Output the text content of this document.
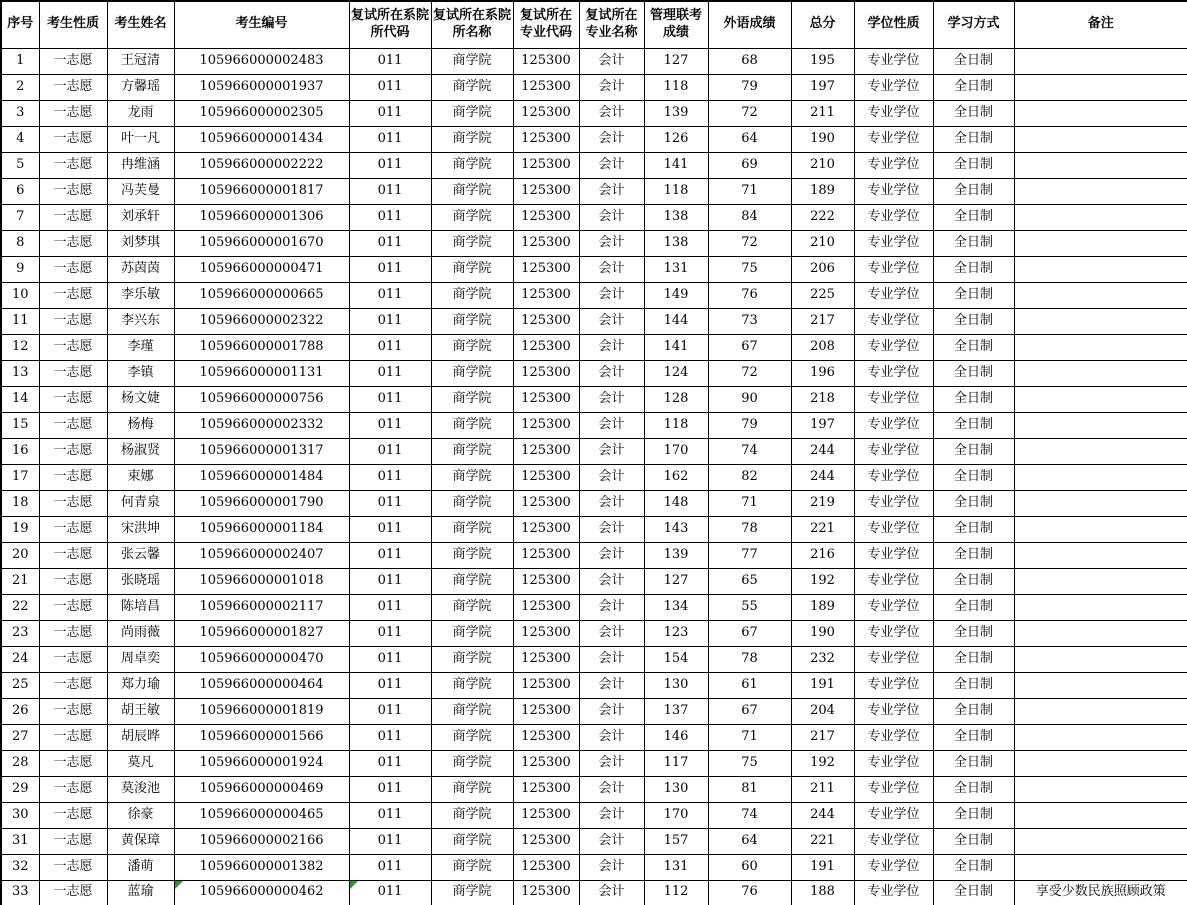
序号	考生性质	考生姓名	考生编号	复试所在系院所代码	复试所在系院所名称	复试所在专业代码	复试所在专业名称	管理联考成绩	外语成绩	总分	学位性质	学习方式	备注
1	一志愿	王冠清	105966000002483	011	商学院	125300	会计	127	68	195	专业学位	全日制	
2	一志愿	方馨瑶	105966000001937	011	商学院	125300	会计	118	79	197	专业学位	全日制	
3	一志愿	龙雨	105966000002305	011	商学院	125300	会计	139	72	211	专业学位	全日制	
4	一志愿	叶一凡	105966000001434	011	商学院	125300	会计	126	64	190	专业学位	全日制	
5	一志愿	冉维涵	105966000002222	011	商学院	125300	会计	141	69	210	专业学位	全日制	
6	一志愿	冯芙曼	105966000001817	011	商学院	125300	会计	118	71	189	专业学位	全日制	
7	一志愿	刘承轩	105966000001306	011	商学院	125300	会计	138	84	222	专业学位	全日制	
8	一志愿	刘梦琪	105966000001670	011	商学院	125300	会计	138	72	210	专业学位	全日制	
9	一志愿	苏茵茵	105966000000471	011	商学院	125300	会计	131	75	206	专业学位	全日制	
10	一志愿	李乐敏	105966000000665	011	商学院	125300	会计	149	76	225	专业学位	全日制	
11	一志愿	李兴东	105966000002322	011	商学院	125300	会计	144	73	217	专业学位	全日制	
12	一志愿	李瑾	105966000001788	011	商学院	125300	会计	141	67	208	专业学位	全日制	
13	一志愿	李镇	105966000001131	011	商学院	125300	会计	124	72	196	专业学位	全日制	
14	一志愿	杨文婕	105966000000756	011	商学院	125300	会计	128	90	218	专业学位	全日制	
15	一志愿	杨梅	105966000002332	011	商学院	125300	会计	118	79	197	专业学位	全日制	
16	一志愿	杨淑贤	105966000001317	011	商学院	125300	会计	170	74	244	专业学位	全日制	
17	一志愿	束娜	105966000001484	011	商学院	125300	会计	162	82	244	专业学位	全日制	
18	一志愿	何青泉	105966000001790	011	商学院	125300	会计	148	71	219	专业学位	全日制	
19	一志愿	宋洪坤	105966000001184	011	商学院	125300	会计	143	78	221	专业学位	全日制	
20	一志愿	张云馨	105966000002407	011	商学院	125300	会计	139	77	216	专业学位	全日制	
21	一志愿	张晓瑶	105966000001018	011	商学院	125300	会计	127	65	192	专业学位	全日制	
22	一志愿	陈培昌	105966000002117	011	商学院	125300	会计	134	55	189	专业学位	全日制	
23	一志愿	尚雨薇	105966000001827	011	商学院	125300	会计	123	67	190	专业学位	全日制	
24	一志愿	周卓奕	105966000000470	011	商学院	125300	会计	154	78	232	专业学位	全日制	
25	一志愿	郑力瑜	105966000000464	011	商学院	125300	会计	130	61	191	专业学位	全日制	
26	一志愿	胡王敏	105966000001819	011	商学院	125300	会计	137	67	204	专业学位	全日制	
27	一志愿	胡辰晔	105966000001566	011	商学院	125300	会计	146	71	217	专业学位	全日制	
28	一志愿	莫凡	105966000001924	011	商学院	125300	会计	117	75	192	专业学位	全日制	
29	一志愿	莫浚池	105966000000469	011	商学院	125300	会计	130	81	211	专业学位	全日制	
30	一志愿	徐豪	105966000000465	011	商学院	125300	会计	170	74	244	专业学位	全日制	
31	一志愿	黄保璋	105966000002166	011	商学院	125300	会计	157	64	221	专业学位	全日制	
32	一志愿	潘萌	105966000001382	011	商学院	125300	会计	131	60	191	专业学位	全日制	
33	一志愿	蓝瑜	105966000000462	011	商学院	125300	会计	112	76	188	专业学位	全日制	享受少数民族照顾政策
